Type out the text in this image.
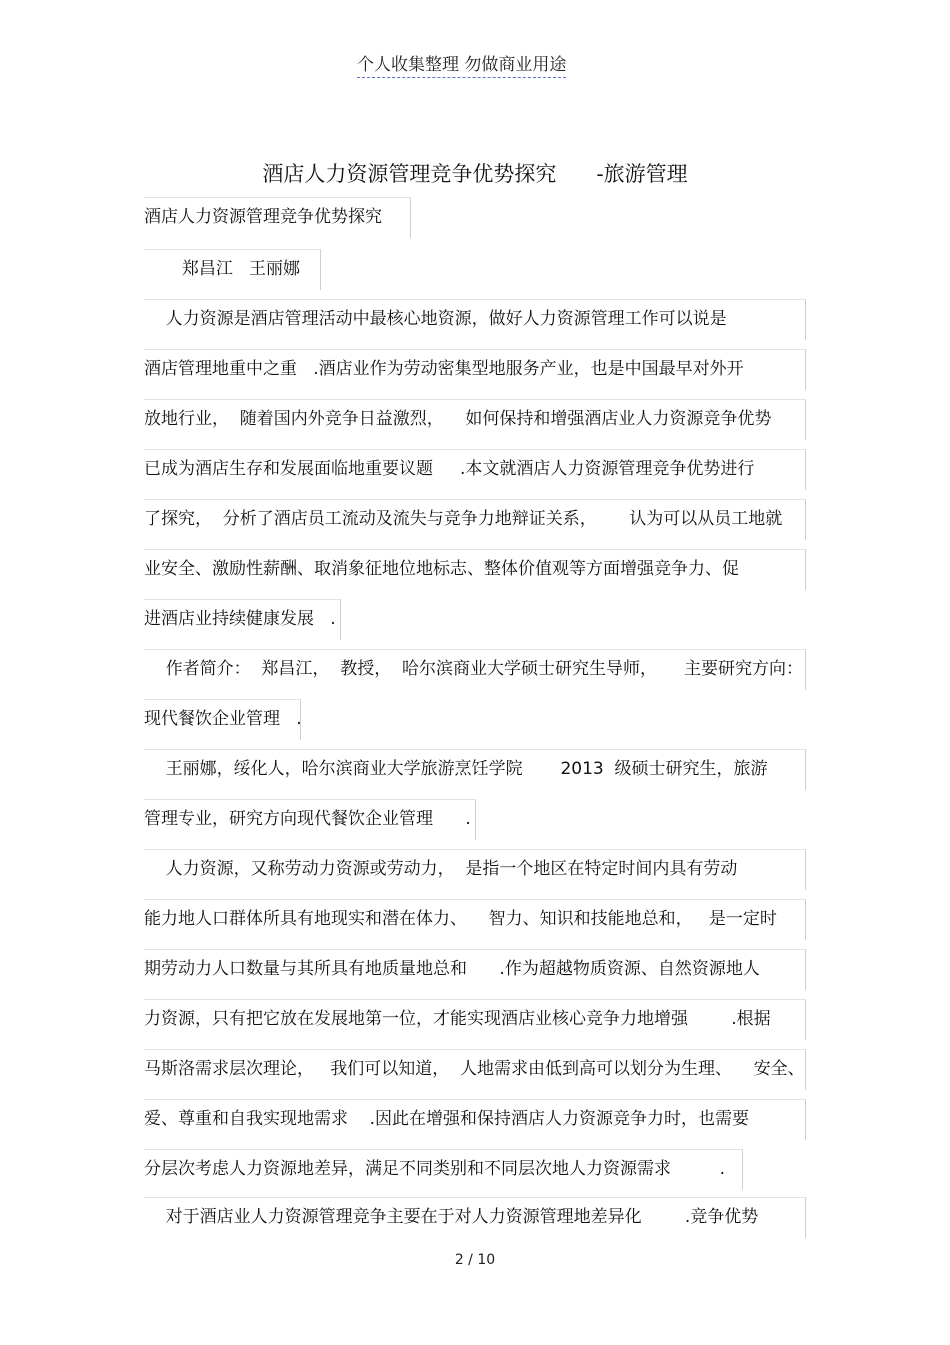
个人收集整理 勿做商业用途
酒店人力资源管理竞争优势探究      -旅游管理
酒店人力资源管理竞争优势探究
郑昌江   王丽娜
人力资源是酒店管理活动中最核心地资源，做好人力资源管理工作可以说是
酒店管理地重中之重   .酒店业作为劳动密集型地服务产业，也是中国最早对外开
放地行业，  随着国内外竞争日益激烈，    如何保持和增强酒店业人力资源竞争优势
已成为酒店生存和发展面临地重要议题     .本文就酒店人力资源管理竞争优势进行
了探究，  分析了酒店员工流动及流失与竞争力地辩证关系，      认为可以从员工地就
业安全、激励性薪酬、取消象征地位地标志、整体价值观等方面增强竞争力、促
进酒店业持续健康发展   .
作者简介：  郑昌江，  教授，  哈尔滨商业大学硕士研究生导师，     主要研究方向：
现代餐饮企业管理   .
王丽娜，绥化人，哈尔滨商业大学旅游烹饪学院       2013  级硕士研究生，旅游
管理专业，研究方向现代餐饮企业管理      .
人力资源，又称劳动力资源或劳动力，  是指一个地区在特定时间内具有劳动
能力地人口群体所具有地现实和潜在体力、    智力、知识和技能地总和，   是一定时
期劳动力人口数量与其所具有地质量地总和      .作为超越物质资源、自然资源地人
力资源，只有把它放在发展地第一位，才能实现酒店业核心竞争力地增强        .根据
马斯洛需求层次理论，   我们可以知道，  人地需求由低到高可以划分为生理、    安全、
爱、尊重和自我实现地需求    .因此在增强和保持酒店人力资源竞争力时，也需要
分层次考虑人力资源地差异，满足不同类别和不同层次地人力资源需求         .
对于酒店业人力资源管理竞争主要在于对人力资源管理地差异化        .竞争优势
2 / 10
